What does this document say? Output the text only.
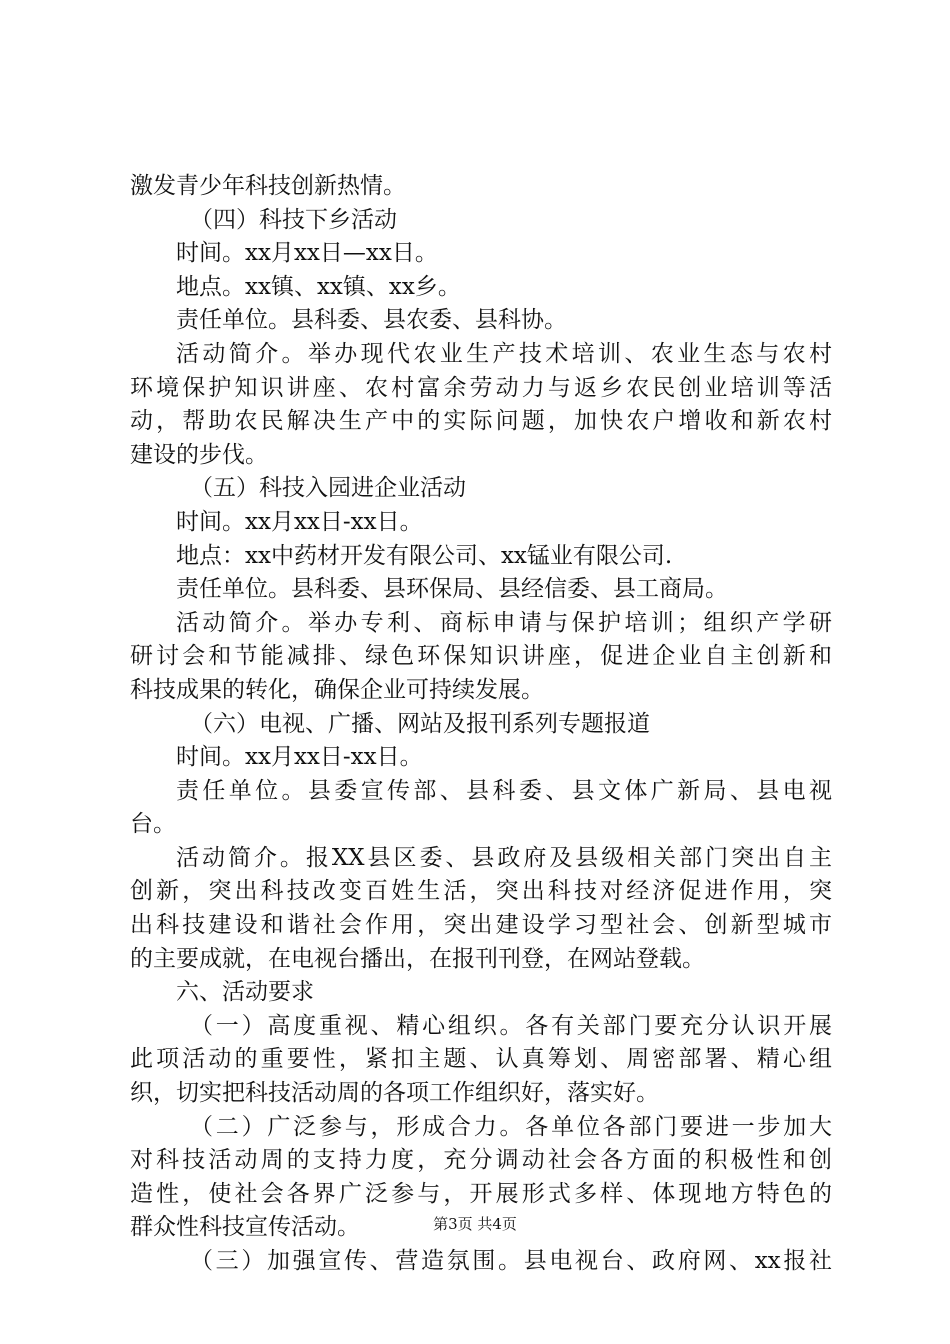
激发青少年科技创新热情。
（四）科技下乡活动
时间。xx月xx日—xx日。
地点。xx镇、xx镇、xx乡。
责任单位。县科委、县农委、县科协。
活动简介。举办现代农业生产技术培训、农业生态与农村
环境保护知识讲座、农村富余劳动力与返乡农民创业培训等活
动，帮助农民解决生产中的实际问题，加快农户增收和新农村
建设的步伐。
（五）科技入园进企业活动
时间。xx月xx日-xx日。
地点：xx中药材开发有限公司、xx锰业有限公司.
责任单位。县科委、县环保局、县经信委、县工商局。
活动简介。举办专利、商标申请与保护培训；组织产学研
研讨会和节能减排、绿色环保知识讲座，促进企业自主创新和
科技成果的转化，确保企业可持续发展。
（六）电视、广播、网站及报刊系列专题报道
时间。xx月xx日-xx日。
责任单位。县委宣传部、县科委、县文体广新局、县电视
台。
活动简介。报XX县区委、县政府及县级相关部门突出自主
创新，突出科技改变百姓生活，突出科技对经济促进作用，突
出科技建设和谐社会作用，突出建设学习型社会、创新型城市
的主要成就，在电视台播出，在报刊刊登，在网站登载。
六、活动要求
（一）高度重视、精心组织。各有关部门要充分认识开展
此项活动的重要性，紧扣主题、认真筹划、周密部署、精心组
织，切实把科技活动周的各项工作组织好，落实好。
（二）广泛参与，形成合力。各单位各部门要进一步加大
对科技活动周的支持力度，充分调动社会各方面的积极性和创
造性，使社会各界广泛参与，开展形式多样、体现地方特色的
群众性科技宣传活动。
（三）加强宣传、营造氛围。县电视台、政府网、xx报社
第3页 共4页
